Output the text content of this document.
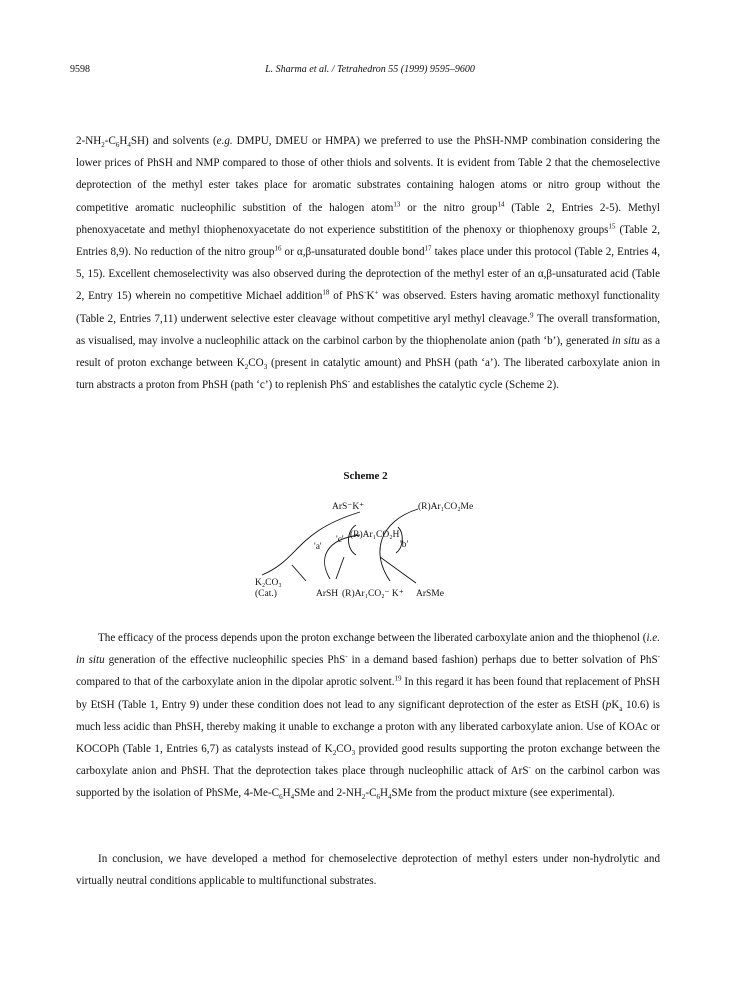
9598	L. Sharma et al. / Tetrahedron 55 (1999) 9595–9600
$2-NH_2-C_6H_4SH$) and solvents (e.g. DMPU, DMEU or HMPA) we preferred to use the PhSH-NMP combination considering the lower prices of PhSH and NMP compared to those of other thiols and solvents. It is evident from Table 2 that the chemoselective deprotection of the methyl ester takes place for aromatic substrates containing halogen atoms or nitro group without the competitive aromatic nucleophilic substition of the halogen atom$^{13}$ or the nitro group$^{14}$ (Table 2, Entries 2-5). Methyl phenoxyacetate and methyl thiophenoxyacetate do not experience substitition of the phenoxy or thiophenoxy groups$^{15}$ (Table 2, Entries 8,9). No reduction of the nitro group$^{16}$ or α,β-unsaturated double bond$^{17}$ takes place under this protocol (Table 2, Entries 4, 5, 15). Excellent chemoselectivity was also observed during the deprotection of the methyl ester of an α,β-unsaturated acid (Table 2, Entry 15) wherein no competitive Michael addition$^{18}$ of PhS-K+ was observed. Esters having aromatic methoxyl functionality (Table 2, Entries 7,11) underwent selective ester cleavage without competitive aryl methyl cleavage.$^9$ The overall transformation, as visualised, may involve a nucleophilic attack on the carbinol carbon by the thiophenolate anion (path ‘b’), generated in situ as a result of proton exchange between $K_2CO_3$ (present in catalytic amount) and PhSH (path ‘a’). The liberated carboxylate anion in turn abstracts a proton from PhSH (path ‘c’) to replenish PhS- and establishes the catalytic cycle (Scheme 2).
Scheme 2
ArS⁻K⁺	(R)Ar₁CO₂Me
(R)Ar₁CO₂H
'a'
'c'	'b'
K₂CO₃
(Cat.)	ArSH (R)Ar₁CO₂⁻ K⁺ ArSMe
The efficacy of the process depends upon the proton exchange between the liberated carboxylate anion and the thiophenol (i.e. in situ generation of the effective nucleophilic species PhS- in a demand based fashion) perhaps due to better solvation of PhS- compared to that of the carboxylate anion in the dipolar aprotic solvent.$^{19}$ In this regard it has been found that replacement of PhSH by EtSH (Table 1, Entry 9) under these condition does not lead to any significant deprotection of the ester as EtSH ($pK_a$ 10.6) is much less acidic than PhSH, thereby making it unable to exchange a proton with any liberated carboxylate anion. Use of KOAc or KOCOPh (Table 1, Entries 6,7) as catalysts instead of $K_2CO_3$ provided good results supporting the proton exchange between the carboxylate anion and PhSH. That the deprotection takes place through nucleophilic attack of ArS- on the carbinol carbon was supported by the isolation of PhSMe, $4-Me-C_6H_4SMe$ and $2-NH_2-C_6H_4SMe$ from the product mixture (see experimental).
In conclusion, we have developed a method for chemoselective deprotection of methyl esters under non-hydrolytic and virtually neutral conditions applicable to multifunctional substrates.
